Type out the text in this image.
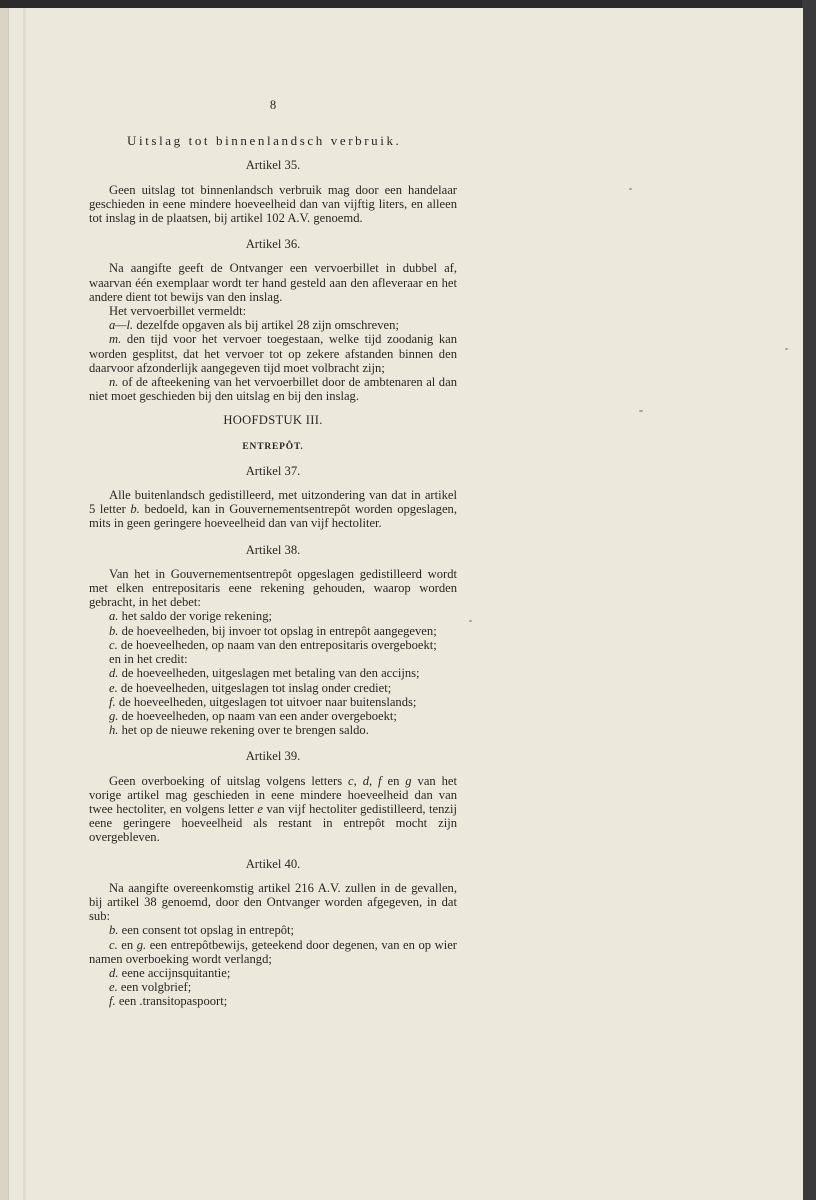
8

Uitslag tot binnenlandsch verbruik.

Artikel 35.

Geen uitslag tot binnenlandsch verbruik mag door een handelaar geschieden in eene mindere hoeveelheid dan van vijftig liters, en alleen tot inslag in de plaatsen, bij artikel 102 A.V. genoemd.

Artikel 36.

Na aangifte geeft de Ontvanger een vervoerbillet in dubbel af, waarvan één exemplaar wordt ter hand gesteld aan den afleveraar en het andere dient tot bewijs van den inslag.

Het vervoerbillet vermeldt:

a—l. dezelfde opgaven als bij artikel 28 zijn omschreven;

m. den tijd voor het vervoer toegestaan, welke tijd zoodanig kan worden gesplitst, dat het vervoer tot op zekere afstanden binnen den daarvoor afzonderlijk aangegeven tijd moet volbracht zijn;

n. of de afteekening van het vervoerbillet door de ambtenaren al dan niet moet geschieden bij den uitslag en bij den inslag.

HOOFDSTUK III.

ENTREPÔT.

Artikel 37.

Alle buitenlandsch gedistilleerd, met uitzondering van dat in artikel 5 letter b. bedoeld, kan in Gouvernementsentrepôt worden opgeslagen, mits in geen geringere hoeveelheid dan van vijf hectoliter.

Artikel 38.

Van het in Gouvernementsentrepôt opgeslagen gedistilleerd wordt met elken entrepositaris eene rekening gehouden, waarop worden gebracht, in het debet:

a. het saldo der vorige rekening;

b. de hoeveelheden, bij invoer tot opslag in entrepôt aangegeven;

c. de hoeveelheden, op naam van den entrepositaris overgeboekt;

en in het credit:

d. de hoeveelheden, uitgeslagen met betaling van den accijns;

e. de hoeveelheden, uitgeslagen tot inslag onder crediet;

f. de hoeveelheden, uitgeslagen tot uitvoer naar buitenslands;

g. de hoeveelheden, op naam van een ander overgeboekt;

h. het op de nieuwe rekening over te brengen saldo.

Artikel 39.

Geen overboeking of uitslag volgens letters c, d, f en g van het vorige artikel mag geschieden in eene mindere hoeveelheid dan van twee hectoliter, en volgens letter e van vijf hectoliter gedistilleerd, tenzij eene geringere hoeveelheid als restant in entrepôt mocht zijn overgebleven.

Artikel 40.

Na aangifte overeenkomstig artikel 216 A.V. zullen in de gevallen, bij artikel 38 genoemd, door den Ontvanger worden afgegeven, in dat sub:

b. een consent tot opslag in entrepôt;

c. en g. een entrepôtbewijs, geteekend door degenen, van en op wier namen overboeking wordt verlangd;

d. eene accijnsquitantie;

e. een volgbrief;

f. een .transitopaspoort;
